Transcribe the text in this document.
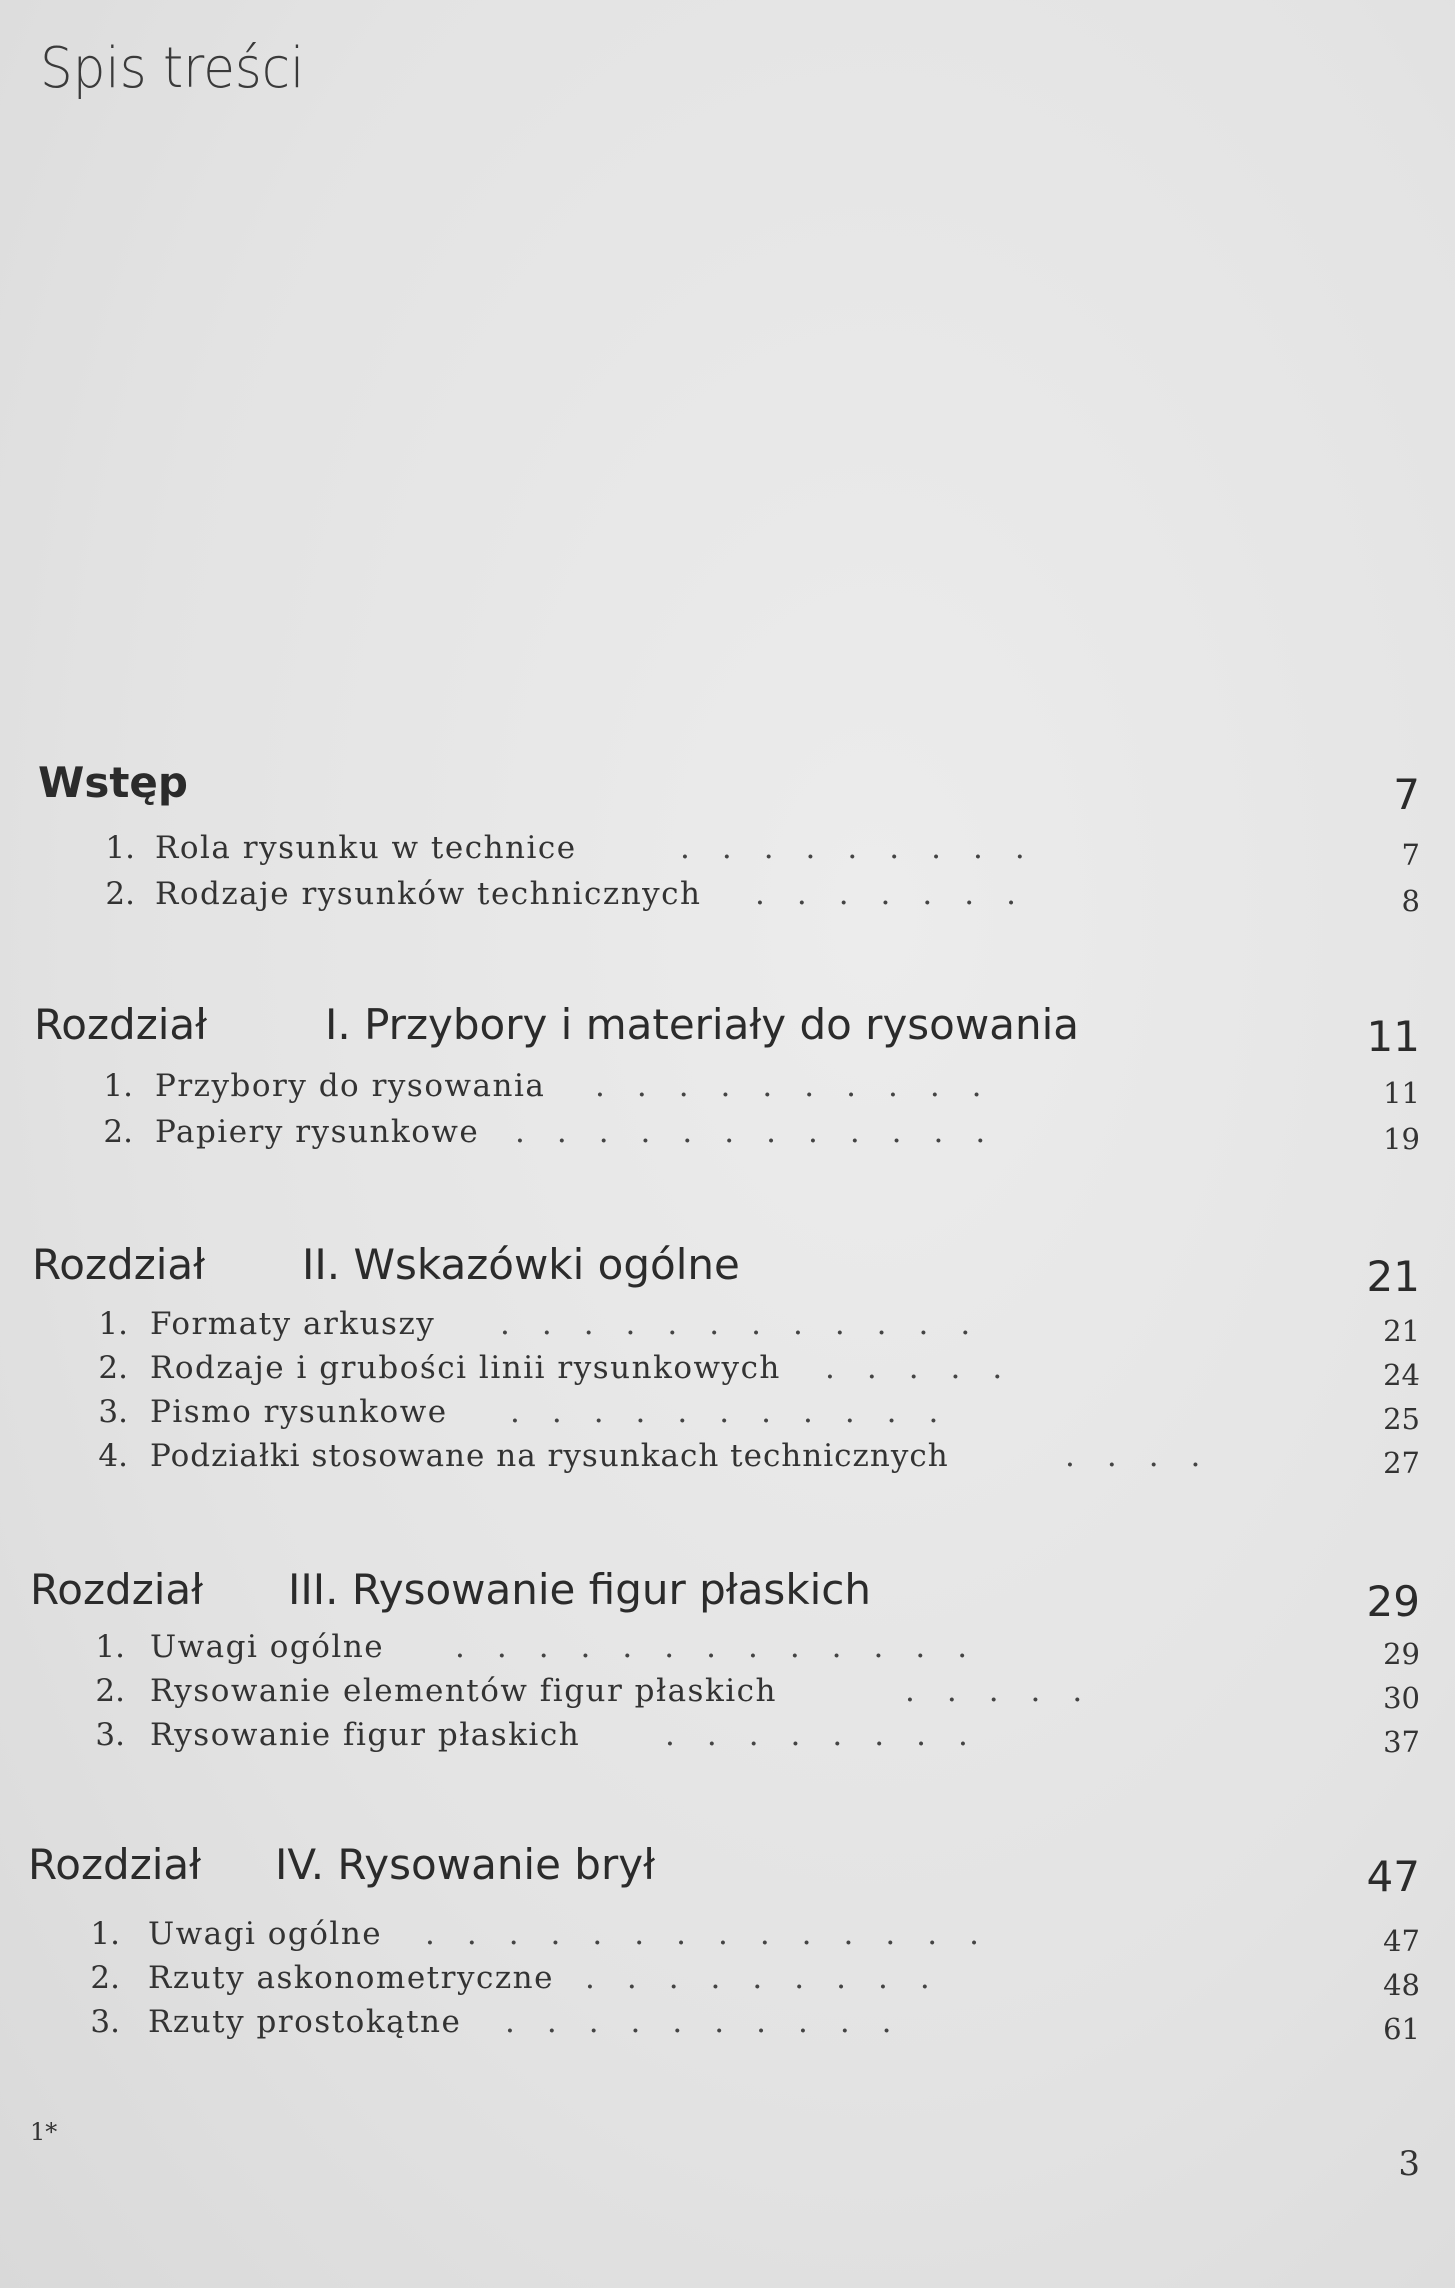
Spis treści
Wstęp	7
1. Rola rysunku w technice	.........	7
2. Rodzaje rysunków technicznych .......	8
Rozdział	I. Przybory i materiały do rysowania	11
1. Przybory do rysowania ..........	11
2. Papiery rysunkowe ............	19
Rozdział II. Wskazówki ogólne	21
1. Formaty arkuszy ............	21
2. Rodzaje i grubości linii rysunkowych .....	24
3. Pismo rysunkowe ...........	25
4. Podziałki stosowane na rysunkach technicznych	....	27
Rozdział III. Rysowanie figur płaskich	29
1. Uwagi ogólne .............	29
2. Rysowanie elementów figur płaskich	.....	30
3. Rysowanie figur płaskich	........	37
Rozdział IV. Rysowanie brył	47
1. Uwagi ogólne ..............	47
2. Rzuty askonometryczne .........	48
3. Rzuty prostokątne ..........	61
1*
3
